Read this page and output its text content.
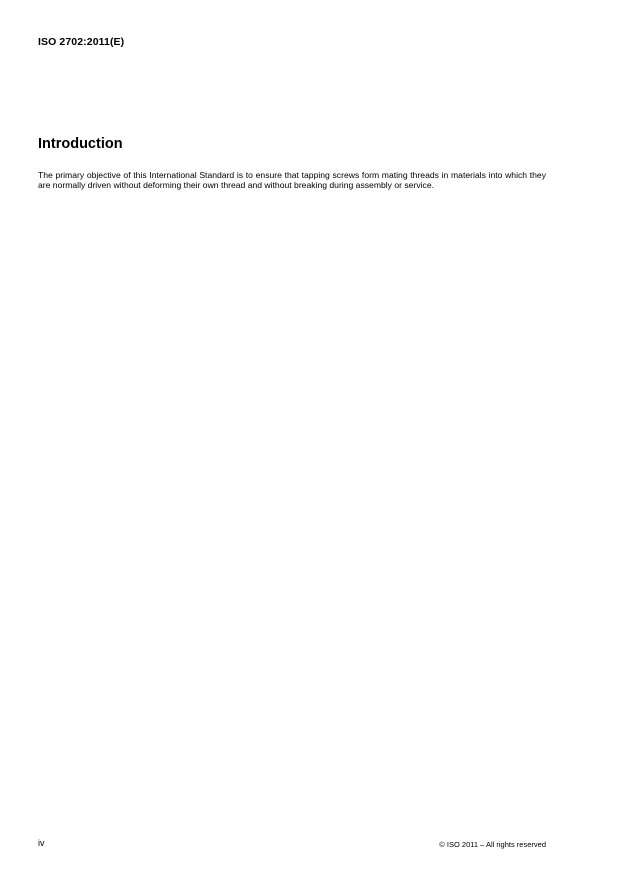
ISO 2702:2011(E)
Introduction

The primary objective of this International Standard is to ensure that tapping screws form mating threads in materials into which they are normally driven without deforming their own thread and without breaking during assembly or service.

iv	© ISO 2011 – All rights reserved
